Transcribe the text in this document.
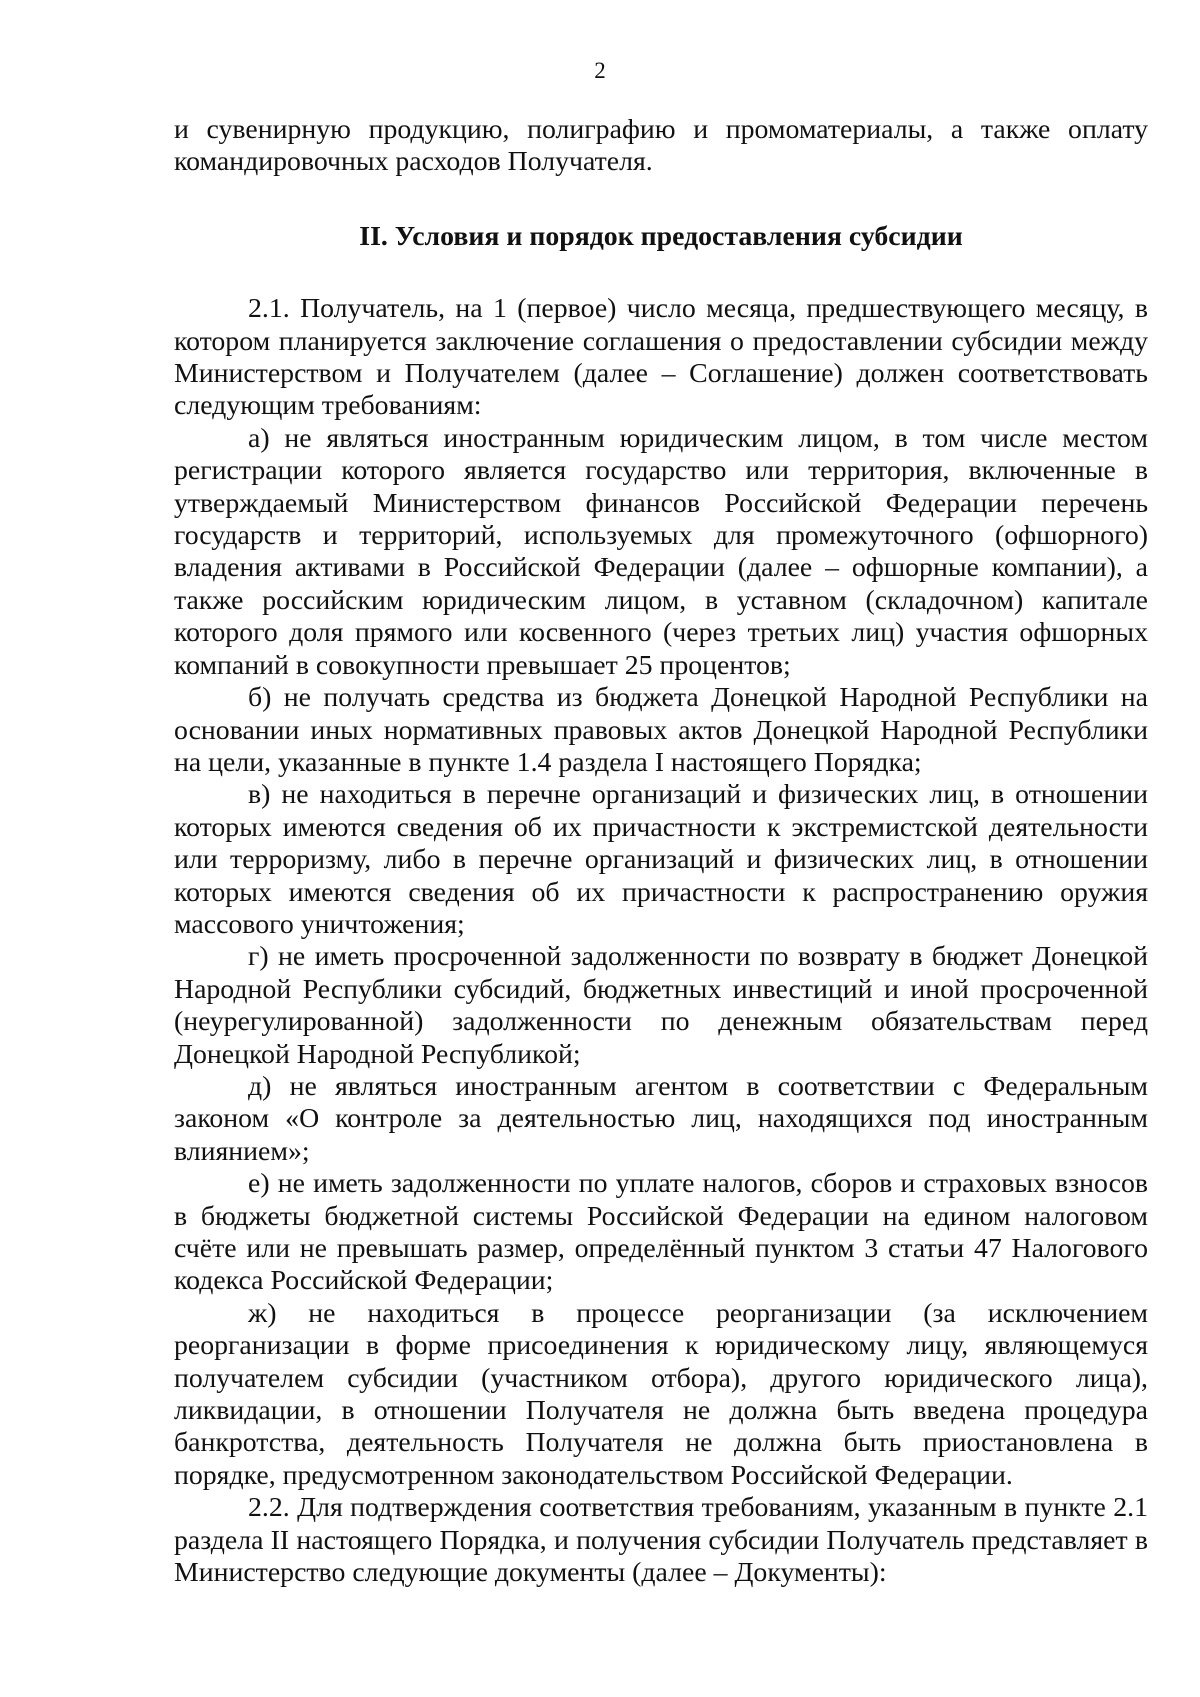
2

и сувенирную продукцию, полиграфию и промоматериалы, а также оплату командировочных расходов Получателя.

II. Условия и порядок предоставления субсидии

2.1. Получатель, на 1 (первое) число месяца, предшествующего месяцу, в котором планируется заключение соглашения о предоставлении субсидии между Министерством и Получателем (далее – Соглашение) должен соответствовать следующим требованиям:

а) не являться иностранным юридическим лицом, в том числе местом регистрации которого является государство или территория, включенные в утверждаемый Министерством финансов Российской Федерации перечень государств и территорий, используемых для промежуточного (офшорного) владения активами в Российской Федерации (далее – офшорные компании), а также российским юридическим лицом, в уставном (складочном) капитале которого доля прямого или косвенного (через третьих лиц) участия офшорных компаний в совокупности превышает 25 процентов;

б) не получать средства из бюджета Донецкой Народной Республики на основании иных нормативных правовых актов Донецкой Народной Республики на цели, указанные в пункте 1.4 раздела I настоящего Порядка;

в) не находиться в перечне организаций и физических лиц, в отношении которых имеются сведения об их причастности к экстремистской деятельности или терроризму, либо в перечне организаций и физических лиц, в отношении которых имеются сведения об их причастности к распространению оружия массового уничтожения;

г) не иметь просроченной задолженности по возврату в бюджет Донецкой Народной Республики субсидий, бюджетных инвестиций и иной просроченной (неурегулированной) задолженности по денежным обязательствам перед Донецкой Народной Республикой;

д) не являться иностранным агентом в соответствии с Федеральным законом «О контроле за деятельностью лиц, находящихся под иностранным влиянием»;

е) не иметь задолженности по уплате налогов, сборов и страховых взносов в бюджеты бюджетной системы Российской Федерации на едином налоговом счёте или не превышать размер, определённый пунктом 3 статьи 47 Налогового кодекса Российской Федерации;

ж) не находиться в процессе реорганизации (за исключением реорганизации в форме присоединения к юридическому лицу, являющемуся получателем субсидии (участником отбора), другого юридического лица), ликвидации, в отношении Получателя не должна быть введена процедура банкротства, деятельность Получателя не должна быть приостановлена в порядке, предусмотренном законодательством Российской Федерации.

2.2. Для подтверждения соответствия требованиям, указанным в пункте 2.1 раздела II настоящего Порядка, и получения субсидии Получатель представляет в Министерство следующие документы (далее – Документы):
